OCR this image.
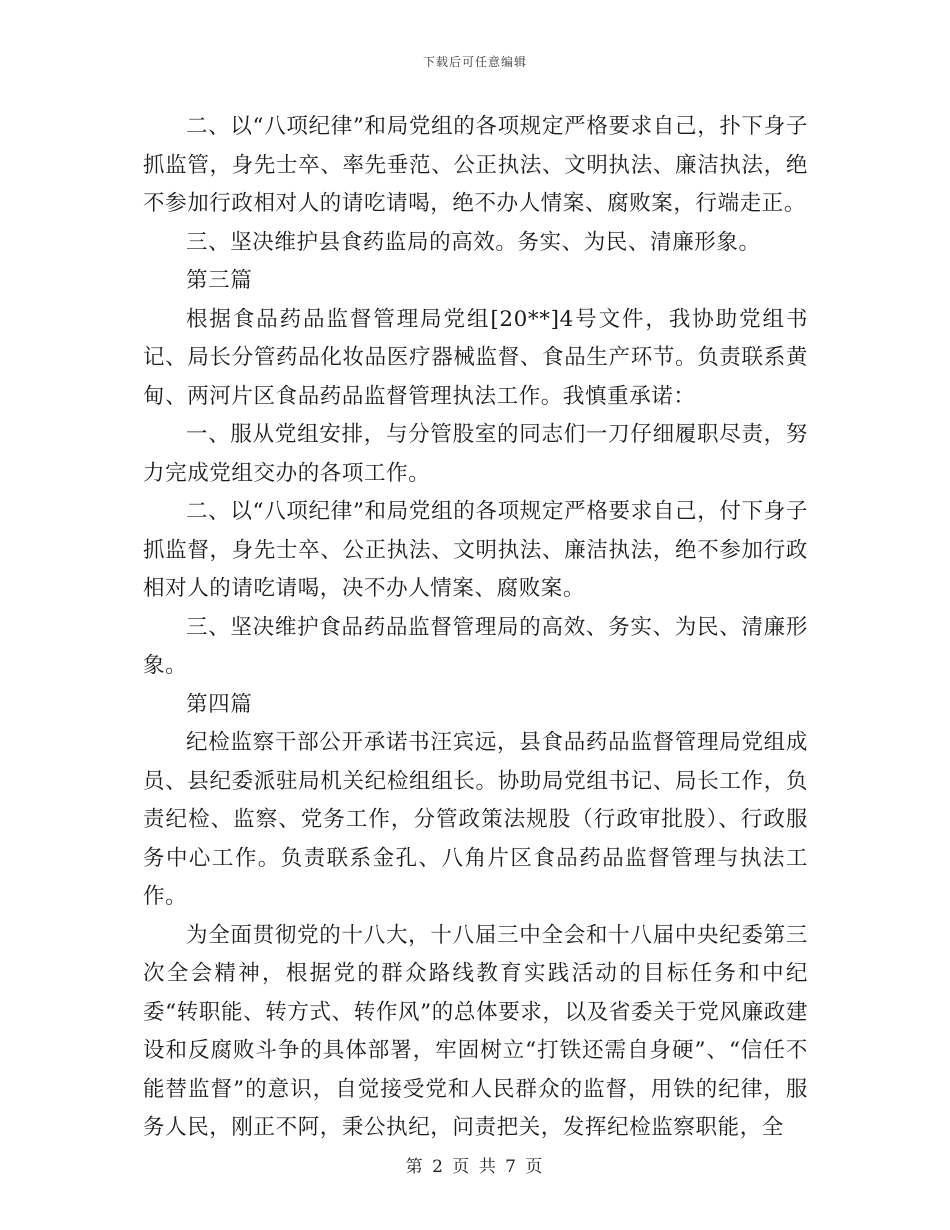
下载后可任意编辑

二、以“八项纪律”和局党组的各项规定严格要求自己，扑下身子抓监管，身先士卒、率先垂范、公正执法、文明执法、廉洁执法，绝不参加行政相对人的请吃请喝，绝不办人情案、腐败案，行端走正。

三、坚决维护县食药监局的高效。务实、为民、清廉形象。

第三篇

根据食品药品监督管理局党组[20**]4号文件，我协助党组书记、局长分管药品化妆品医疗器械监督、食品生产环节。负责联系黄甸、两河片区食品药品监督管理执法工作。我慎重承诺：

一、服从党组安排，与分管股室的同志们一刀仔细履职尽责，努力完成党组交办的各项工作。

二、以“八项纪律”和局党组的各项规定严格要求自己，付下身子抓监督，身先士卒、公正执法、文明执法、廉洁执法，绝不参加行政相对人的请吃请喝，决不办人情案、腐败案。

三、坚决维护食品药品监督管理局的高效、务实、为民、清廉形象。

第四篇

纪检监察干部公开承诺书汪宾远，县食品药品监督管理局党组成员、县纪委派驻局机关纪检组组长。协助局党组书记、局长工作，负责纪检、监察、党务工作，分管政策法规股（行政审批股）、行政服务中心工作。负责联系金孔、八角片区食品药品监督管理与执法工作。

为全面贯彻党的十八大，十八届三中全会和十八届中央纪委第三次全会精神，根据党的群众路线教育实践活动的目标任务和中纪委“转职能、转方式、转作风”的总体要求，以及省委关于党风廉政建设和反腐败斗争的具体部署，牢固树立“打铁还需自身硬”、“信任不能替监督”的意识，自觉接受党和人民群众的监督，用铁的纪律，服务人民，刚正不阿，秉公执纪，问责把关，发挥纪检监察职能，全

第 2 页 共 7 页
